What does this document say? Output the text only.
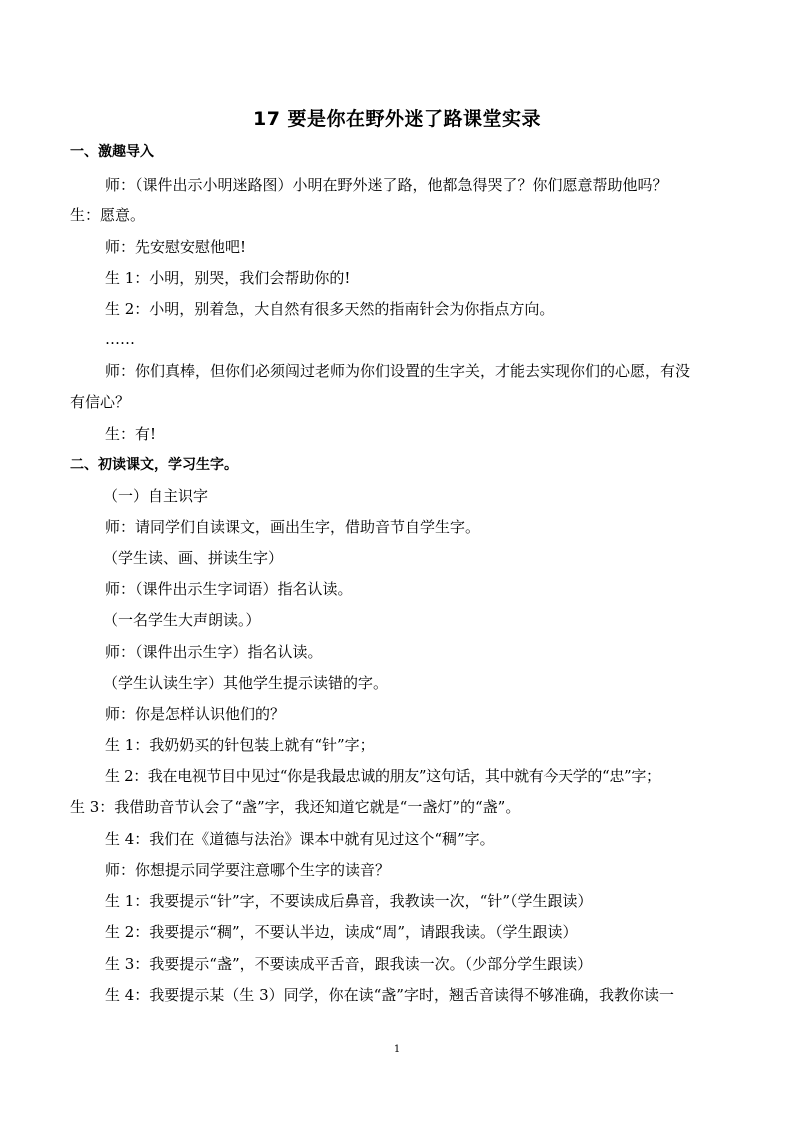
17 要是你在野外迷了路课堂实录
一、激趣导入
师：（课件出示小明迷路图）小明在野外迷了路，他都急得哭了？你们愿意帮助他吗？
生：愿意。
师：先安慰安慰他吧!
生 1：小明，别哭，我们会帮助你的!
生 2：小明，别着急，大自然有很多天然的指南针会为你指点方向。
……
师：你们真棒，但你们必须闯过老师为你们设置的生字关，才能去实现你们的心愿，有没
有信心？
生：有!
二、初读课文，学习生字。
（一）自主识字
师：请同学们自读课文，画出生字，借助音节自学生字。
（学生读、画、拼读生字）
师：（课件出示生字词语）指名认读。
（一名学生大声朗读。）
师：（课件出示生字）指名认读。
（学生认读生字）其他学生提示读错的字。
师：你是怎样认识他们的？
生 1：我奶奶买的针包装上就有“针”字；
生 2：我在电视节目中见过“你是我最忠诚的朋友”这句话，其中就有今天学的“忠”字；
生 3：我借助音节认会了“盏”字，我还知道它就是“一盏灯”的“盏”。
生 4：我们在《道德与法治》课本中就有见过这个“稠”字。
师：你想提示同学要注意哪个生字的读音？
生 1：我要提示“针”字，不要读成后鼻音，我教读一次，“针”（学生跟读）
生 2：我要提示“稠”，不要认半边，读成“周”，请跟我读。（学生跟读）
生 3：我要提示“盏”，不要读成平舌音，跟我读一次。（少部分学生跟读）
生 4：我要提示某（生 3）同学，你在读“盏”字时，翘舌音读得不够准确，我教你读一
1
